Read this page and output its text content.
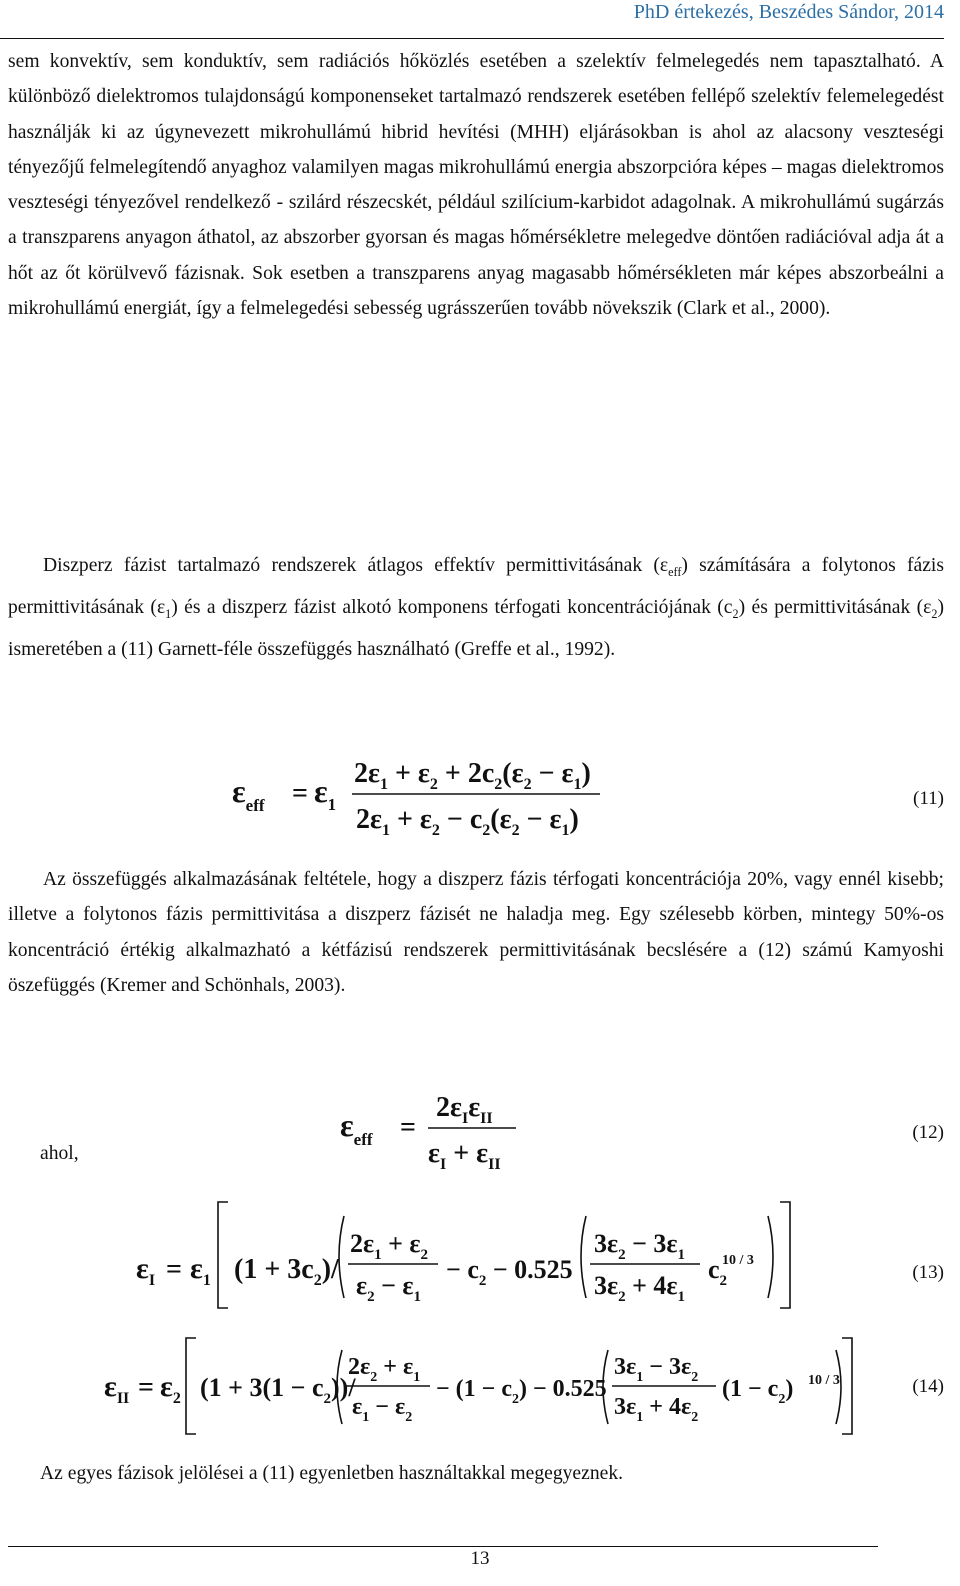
PhD értekezés, Beszédes Sándor, 2014

sem konvektív, sem konduktív, sem radiációs hőközlés esetében a szelektív felmelegedés nem tapasztalható. A különböző dielektromos tulajdonságú komponenseket tartalmazó rendszerek esetében fellépő szelektív felemelegedést használják ki az úgynevezett mikrohullámú hibrid hevítési (MHH) eljárásokban is ahol az alacsony veszteségi tényezőjű felmelegítendő anyaghoz valamilyen magas mikrohullámú energia abszorpcióra képes – magas dielektromos veszteségi tényezővel rendelkező - szilárd részecskét, például szilícium-karbidot adagolnak. A mikrohullámú sugárzás a transzparens anyagon áthatol, az abszorber gyorsan és magas hőmérsékletre melegedve döntően radiációval adja át a hőt az őt körülvevő fázisnak. Sok esetben a transzparens anyag magasabb hőmérsékleten már képes abszorbeálni a mikrohullámú energiát, így a felmelegedési sebesség ugrásszerűen tovább növekszik (Clark et al., 2000).

Diszperz fázist tartalmazó rendszerek átlagos effektív permittivitásának $(\varepsilon_{eff})$ számítására a folytonos fázis permittivitásának $(\varepsilon_1)$ és a diszperz fázist alkotó komponens térfogati koncentrációjának $(c_2)$ és permittivitásának $(\varepsilon_2)$ ismeretében a (11) Garnett-féle összefüggés használható (Greffe et al., 1992).

$\varepsilon_{eff} = \varepsilon_1$
$2\varepsilon_1 + \varepsilon_2 + 2c_2(\varepsilon_2 - \varepsilon_1)$
$2\varepsilon_1 + \varepsilon_2 - c_2(\varepsilon_2 - \varepsilon_1)$
(11)

Az összefüggés alkalmazásának feltétele, hogy a diszperz fázis térfogati koncentrációja 20%, vagy ennél kisebb; illetve a folytonos fázis permittivitása a diszperz fázisét ne haladja meg. Egy szélesebb körben, mintegy 50%-os koncentráció értékig alkalmazható a kétfázisú rendszerek permittivitásának becslésére a (12) számú Kamyoshi öszefüggés (Kremer and Schönhals, 2003).

$\varepsilon_{eff}$ =
$2\varepsilon_I\varepsilon_{II}$
$\varepsilon_I + \varepsilon_{II}$
(12)
ahol,
$\varepsilon_I = \varepsilon_1$ $(1 + 3c_2)/$
$2\varepsilon_1 + \varepsilon_2$
$\varepsilon_2 - \varepsilon_1$
− $c_2 - 0.525$
$3\varepsilon_2 - 3\varepsilon_1$
$3\varepsilon_2 + 4\varepsilon_1$
$c_2$
10 / 3
(13)
$\varepsilon_{II} = \varepsilon_2$ $(1 + 3(1 - c_2))/$
$2\varepsilon_2 + \varepsilon_1$
$\varepsilon_1 - \varepsilon_2$
− $(1 - c_2) - 0.525$
$3\varepsilon_1 - 3\varepsilon_2$
$3\varepsilon_1 + 4\varepsilon_2$
$(1 - c_2)$ 10 / 3	(14)

Az egyes fázisok jelölései a (11) egyenletben használtakkal megegyeznek.

13
